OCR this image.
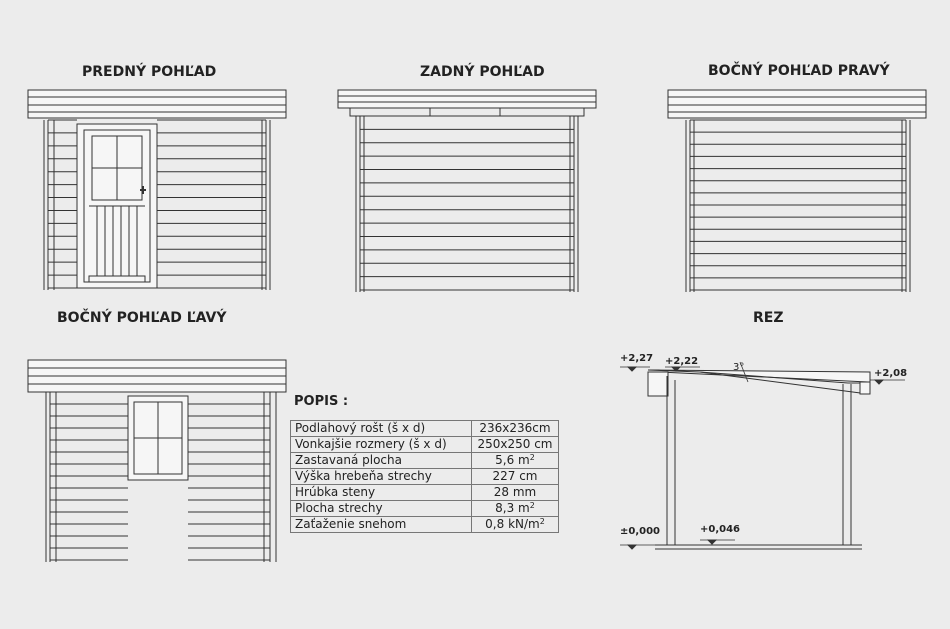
PREDNÝ POHĽAD	ZADNÝ POHĽAD	BOČNÝ POHĽAD PRAVÝ
BOČNÝ POHĽAD ĽAVÝ	REZ
+2,27 +2,22
+2,08
±0,000	+0,046
3°
POPIS :
Podlahový rošt (š x d)	236x236cm
Vonkajšie rozmery (š x d)	250x250 cm
Zastavaná plocha	5,6 $m^2$
Výška hrebeňa strechy	227 cm
Hrúbka steny	28 mm
Plocha strechy	8,3 $m^2$
Zaťaženie snehom	0,8 $kN/m^2$
